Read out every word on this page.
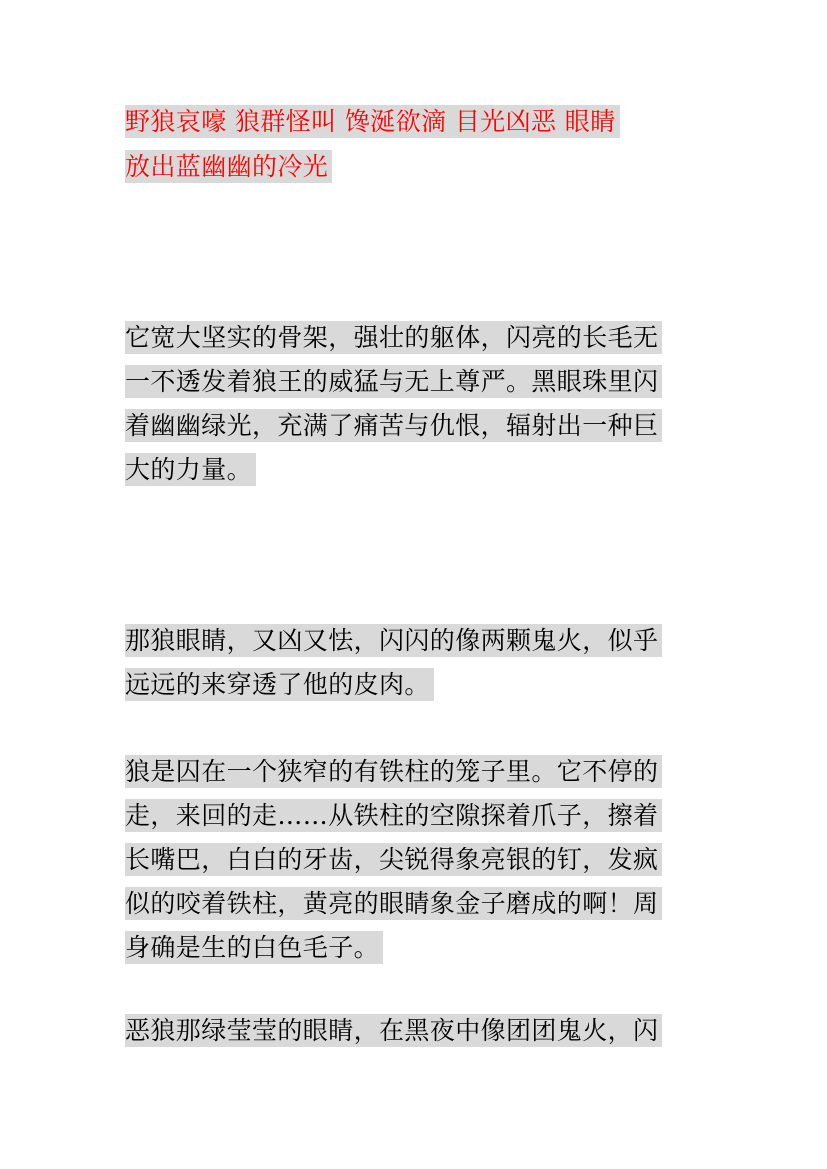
野狼哀嚎 狼群怪叫 馋涎欲滴 目光凶恶 眼睛
放出蓝幽幽的冷光
它宽大坚实的骨架，强壮的躯体，闪亮的长毛无
一不透发着狼王的威猛与无上尊严。黑眼珠里闪
着幽幽绿光，充满了痛苦与仇恨，辐射出一种巨
大的力量。
那狼眼睛，又凶又怯，闪闪的像两颗鬼火，似乎
远远的来穿透了他的皮肉。
狼是囚在一个狭窄的有铁柱的笼子里。它不停的
走，来回的走……从铁柱的空隙探着爪子，擦着
长嘴巴，白白的牙齿，尖锐得象亮银的钉，发疯
似的咬着铁柱，黄亮的眼睛象金子磨成的啊！周
身确是生的白色毛子。
恶狼那绿莹莹的眼睛，在黑夜中像团团鬼火，闪
